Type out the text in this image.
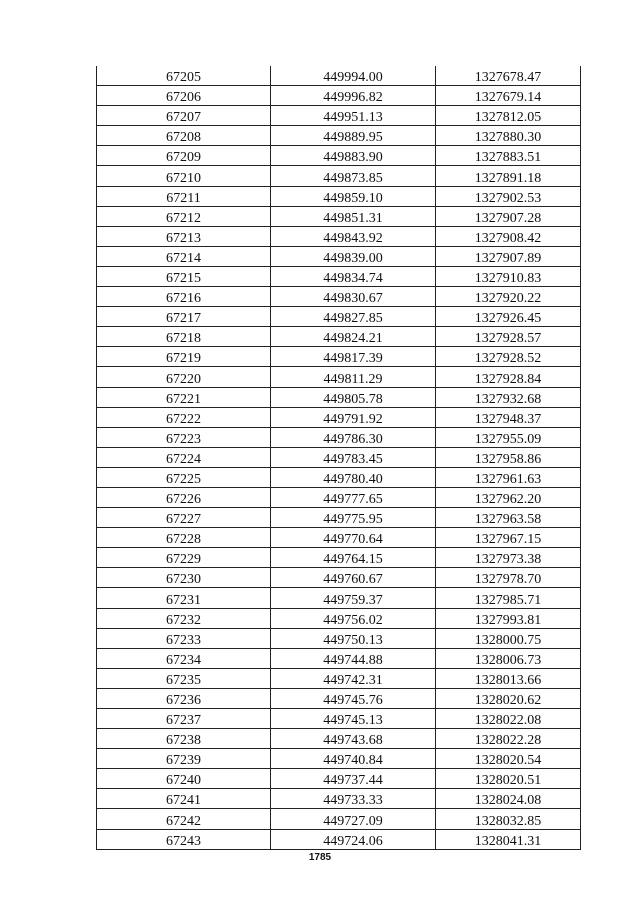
67205	449994.00	1327678.47
67206	449996.82	1327679.14
67207	449951.13	1327812.05
67208	449889.95	1327880.30
67209	449883.90	1327883.51
67210	449873.85	1327891.18
67211	449859.10	1327902.53
67212	449851.31	1327907.28
67213	449843.92	1327908.42
67214	449839.00	1327907.89
67215	449834.74	1327910.83
67216	449830.67	1327920.22
67217	449827.85	1327926.45
67218	449824.21	1327928.57
67219	449817.39	1327928.52
67220	449811.29	1327928.84
67221	449805.78	1327932.68
67222	449791.92	1327948.37
67223	449786.30	1327955.09
67224	449783.45	1327958.86
67225	449780.40	1327961.63
67226	449777.65	1327962.20
67227	449775.95	1327963.58
67228	449770.64	1327967.15
67229	449764.15	1327973.38
67230	449760.67	1327978.70
67231	449759.37	1327985.71
67232	449756.02	1327993.81
67233	449750.13	1328000.75
67234	449744.88	1328006.73
67235	449742.31	1328013.66
67236	449745.76	1328020.62
67237	449745.13	1328022.08
67238	449743.68	1328022.28
67239	449740.84	1328020.54
67240	449737.44	1328020.51
67241	449733.33	1328024.08
67242	449727.09	1328032.85
67243	449724.06	1328041.31
1785
